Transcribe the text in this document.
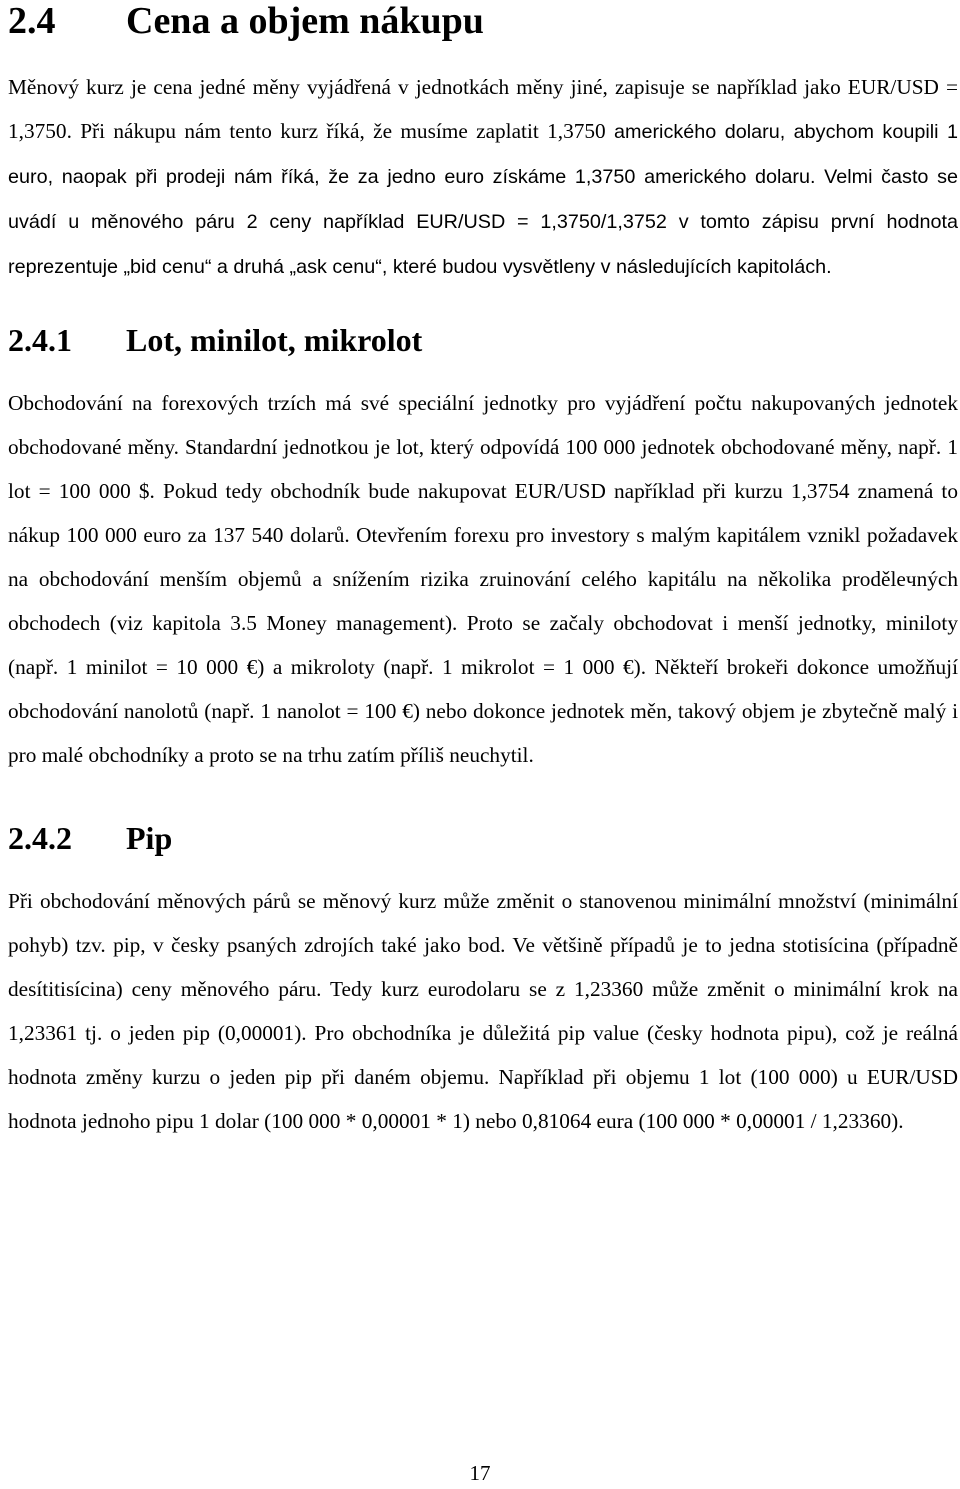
2.4	Cena a objem nákupu

Měnový kurz je cena jedné měny vyjádřená v jednotkách měny jiné, zapisuje se například jako EUR/USD = 1,3750. Při nákupu nám tento kurz říká, že musíme zaplatit 1,3750 amerického dolaru, abychom koupili 1 euro, naopak při prodeji nám říká, že za jedno euro získáme 1,3750 amerického dolaru. Velmi často se uvádí u měnového páru 2 ceny například EUR/USD = 1,3750/1,3752 v tomto zápisu první hodnota reprezentuje „bid cenu“ a druhá „ask cenu“, které budou vysvětleny v následujících kapitolách.

2.4.1	Lot, minilot, mikrolot

Obchodování na forexových trzích má své speciální jednotky pro vyjádření počtu nakupovaných jednotek obchodované měny. Standardní jednotkou je lot, který odpovídá 100 000 jednotek obchodované měny, např. 1 lot = 100 000 $. Pokud tedy obchodník bude nakupovat EUR/USD například při kurzu 1,3754 znamená to nákup 100 000 euro za 137 540 dolarů. Otevřením forexu pro investory s malým kapitálem vznikl požadavek na obchodování menším objemů a snížením rizika zruinování celého kapitálu na několika proděleчných obchodech (viz kapitola 3.5 Money management). Proto se začaly obchodovat i menší jednotky, miniloty (např. 1 minilot = 10 000 €) a mikroloty (např. 1 mikrolot = 1 000 €). Někteří brokeři dokonce umožňují obchodování nanolotů (např. 1 nanolot = 100 €) nebo dokonce jednotek měn, takový objem je zbytečně malý i pro malé obchodníky a proto se na trhu zatím příliš neuchytil.

2.4.2	Pip

Při obchodování měnových párů se měnový kurz může změnit o stanovenou minimální množství (minimální pohyb) tzv. pip, v česky psaných zdrojích také jako bod. Ve většině případů je to jedna stotisícina (případně desítitisícina) ceny měnového páru. Tedy kurz eurodolaru se z 1,23360 může změnit o minimální krok na 1,23361 tj. o jeden pip (0,00001). Pro obchodníka je důležitá pip value (česky hodnota pipu), což je reálná hodnota změny kurzu o jeden pip při daném objemu. Například při objemu 1 lot (100 000) u EUR/USD hodnota jednoho pipu 1 dolar (100 000 * 0,00001 * 1) nebo 0,81064 eura (100 000 * 0,00001 / 1,23360).

17
